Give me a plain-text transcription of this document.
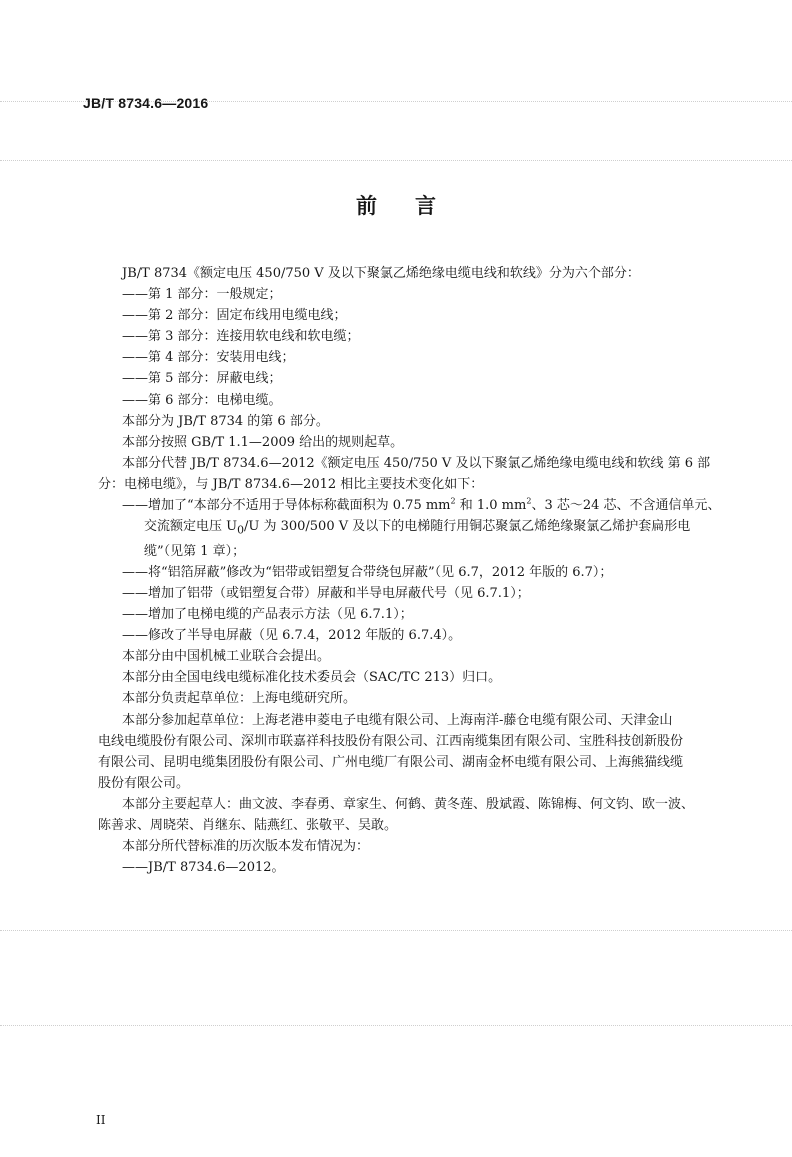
JB/T 8734.6—2016
前言

JB/T 8734《额定电压 450/750 V 及以下聚氯乙烯绝缘电缆电线和软线》分为六个部分：

——第 1 部分：一般规定；

——第 2 部分：固定布线用电缆电线；

——第 3 部分：连接用软电线和软电缆；

——第 4 部分：安装用电线；

——第 5 部分：屏蔽电线；

——第 6 部分：电梯电缆。

本部分为 JB/T 8734 的第 6 部分。

本部分按照 GB/T 1.1—2009 给出的规则起草。

本部分代替 JB/T 8734.6—2012《额定电压 450/750 V 及以下聚氯乙烯绝缘电缆电线和软线 第 6 部

分：电梯电缆》，与 JB/T 8734.6—2012 相比主要技术变化如下：

——增加了“本部分不适用于导体标称截面积为 0.75 $mm^2$ 和 1.0 $mm^2$、3 芯～24 芯、不含通信单元、

交流额定电压 $U_0/U$ 为 300/500 V 及以下的电梯随行用铜芯聚氯乙烯绝缘聚氯乙烯护套扁形电

缆”（见第 1 章）；

——将“铝箔屏蔽”修改为“铝带或铝塑复合带绕包屏蔽”（见 6.7，2012 年版的 6.7）；

——增加了铝带（或铝塑复合带）屏蔽和半导电屏蔽代号（见 6.7.1）；

——增加了电梯电缆的产品表示方法（见 6.7.1）；

——修改了半导电屏蔽（见 6.7.4，2012 年版的 6.7.4）。

本部分由中国机械工业联合会提出。

本部分由全国电线电缆标准化技术委员会（SAC/TC 213）归口。

本部分负责起草单位：上海电缆研究所。

本部分参加起草单位：上海老港申菱电子电缆有限公司、上海南洋-藤仓电缆有限公司、天津金山

电线电缆股份有限公司、深圳市联嘉祥科技股份有限公司、江西南缆集团有限公司、宝胜科技创新股份

有限公司、昆明电缆集团股份有限公司、广州电缆厂有限公司、湖南金杯电缆有限公司、上海熊猫线缆

股份有限公司。

本部分主要起草人：曲文波、李春勇、章家生、何鹤、黄冬莲、殷斌霞、陈锦梅、何文钧、欧一波、

陈善求、周晓荣、肖继东、陆燕红、张敬平、吴敢。

本部分所代替标准的历次版本发布情况为：

——JB/T 8734.6—2012。

II
